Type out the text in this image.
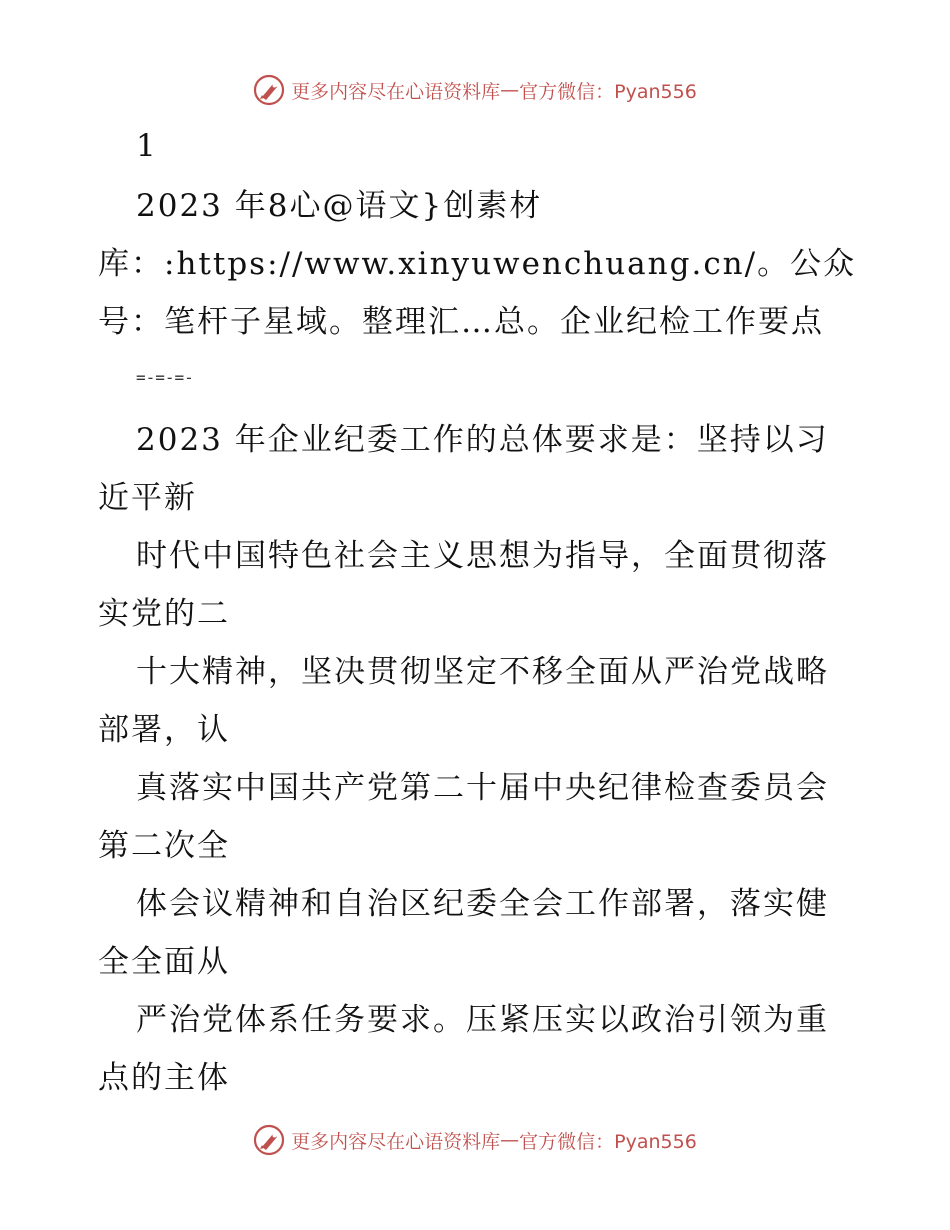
更多内容尽在心语资料库 — 官方微信：Pyan556
1
2023 年8心@语文}创素材
库：:https://www.xinyuwenchuang.cn/。公众
号：笔杆子星域。整理汇…总。企业纪检工作要点
=-=-=-
2023 年企业纪委工作的总体要求是：坚持以习
近平新
时代中国特色社会主义思想为指导，全面贯彻落
实党的二
十大精神，坚决贯彻坚定不移全面从严治党战略
部署，认
真落实中国共产党第二十届中央纪律检查委员会
第二次全
体会议精神和自治区纪委全会工作部署，落实健
全全面从
严治党体系任务要求。压紧压实以政治引领为重
点的主体
更多内容尽在心语资料库 — 官方微信：Pyan556
